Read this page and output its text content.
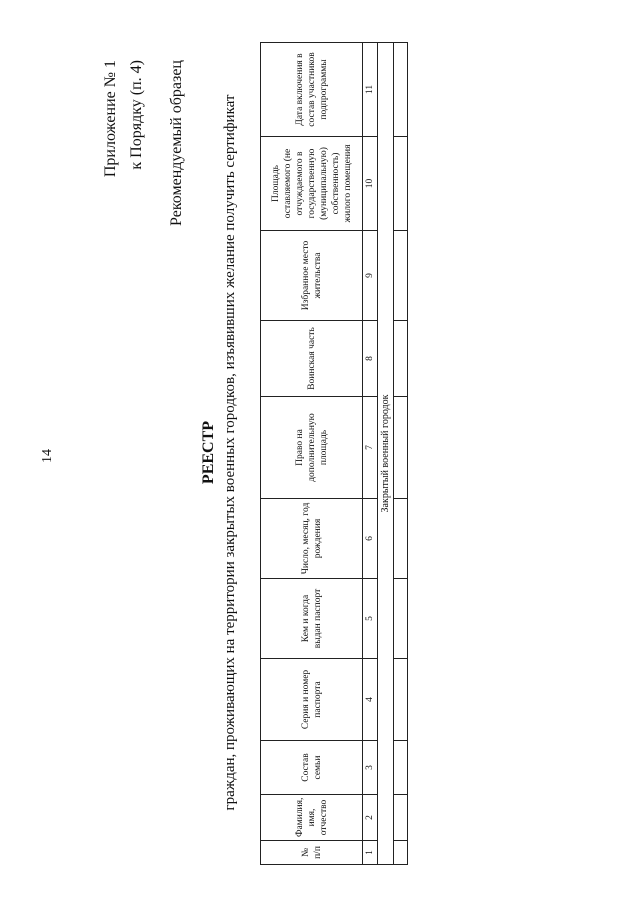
14
Приложение № 1 к Порядку (п. 4)	Рекомендуемый образец
РЕЕСТР граждан, проживающих на территории закрытых военных городков, изъявивших желание получить сертификат
№ п/п	Фамилия, имя, отчество	Состав семьи	Серия и номер паспорта	Кем и когда выдан паспорт	Число, месяц, год рождения	Право на дополнительную площадь	Воинская часть	Избранное место жительства	Площадь оставляемого (не отчуждаемого в государственную (муниципальную) собственность) жилого помещения	Дата включения в состав участников подпрограммы
1	2	3	4	5	6	7	8	9	10	11
Закрытый военный городок										
